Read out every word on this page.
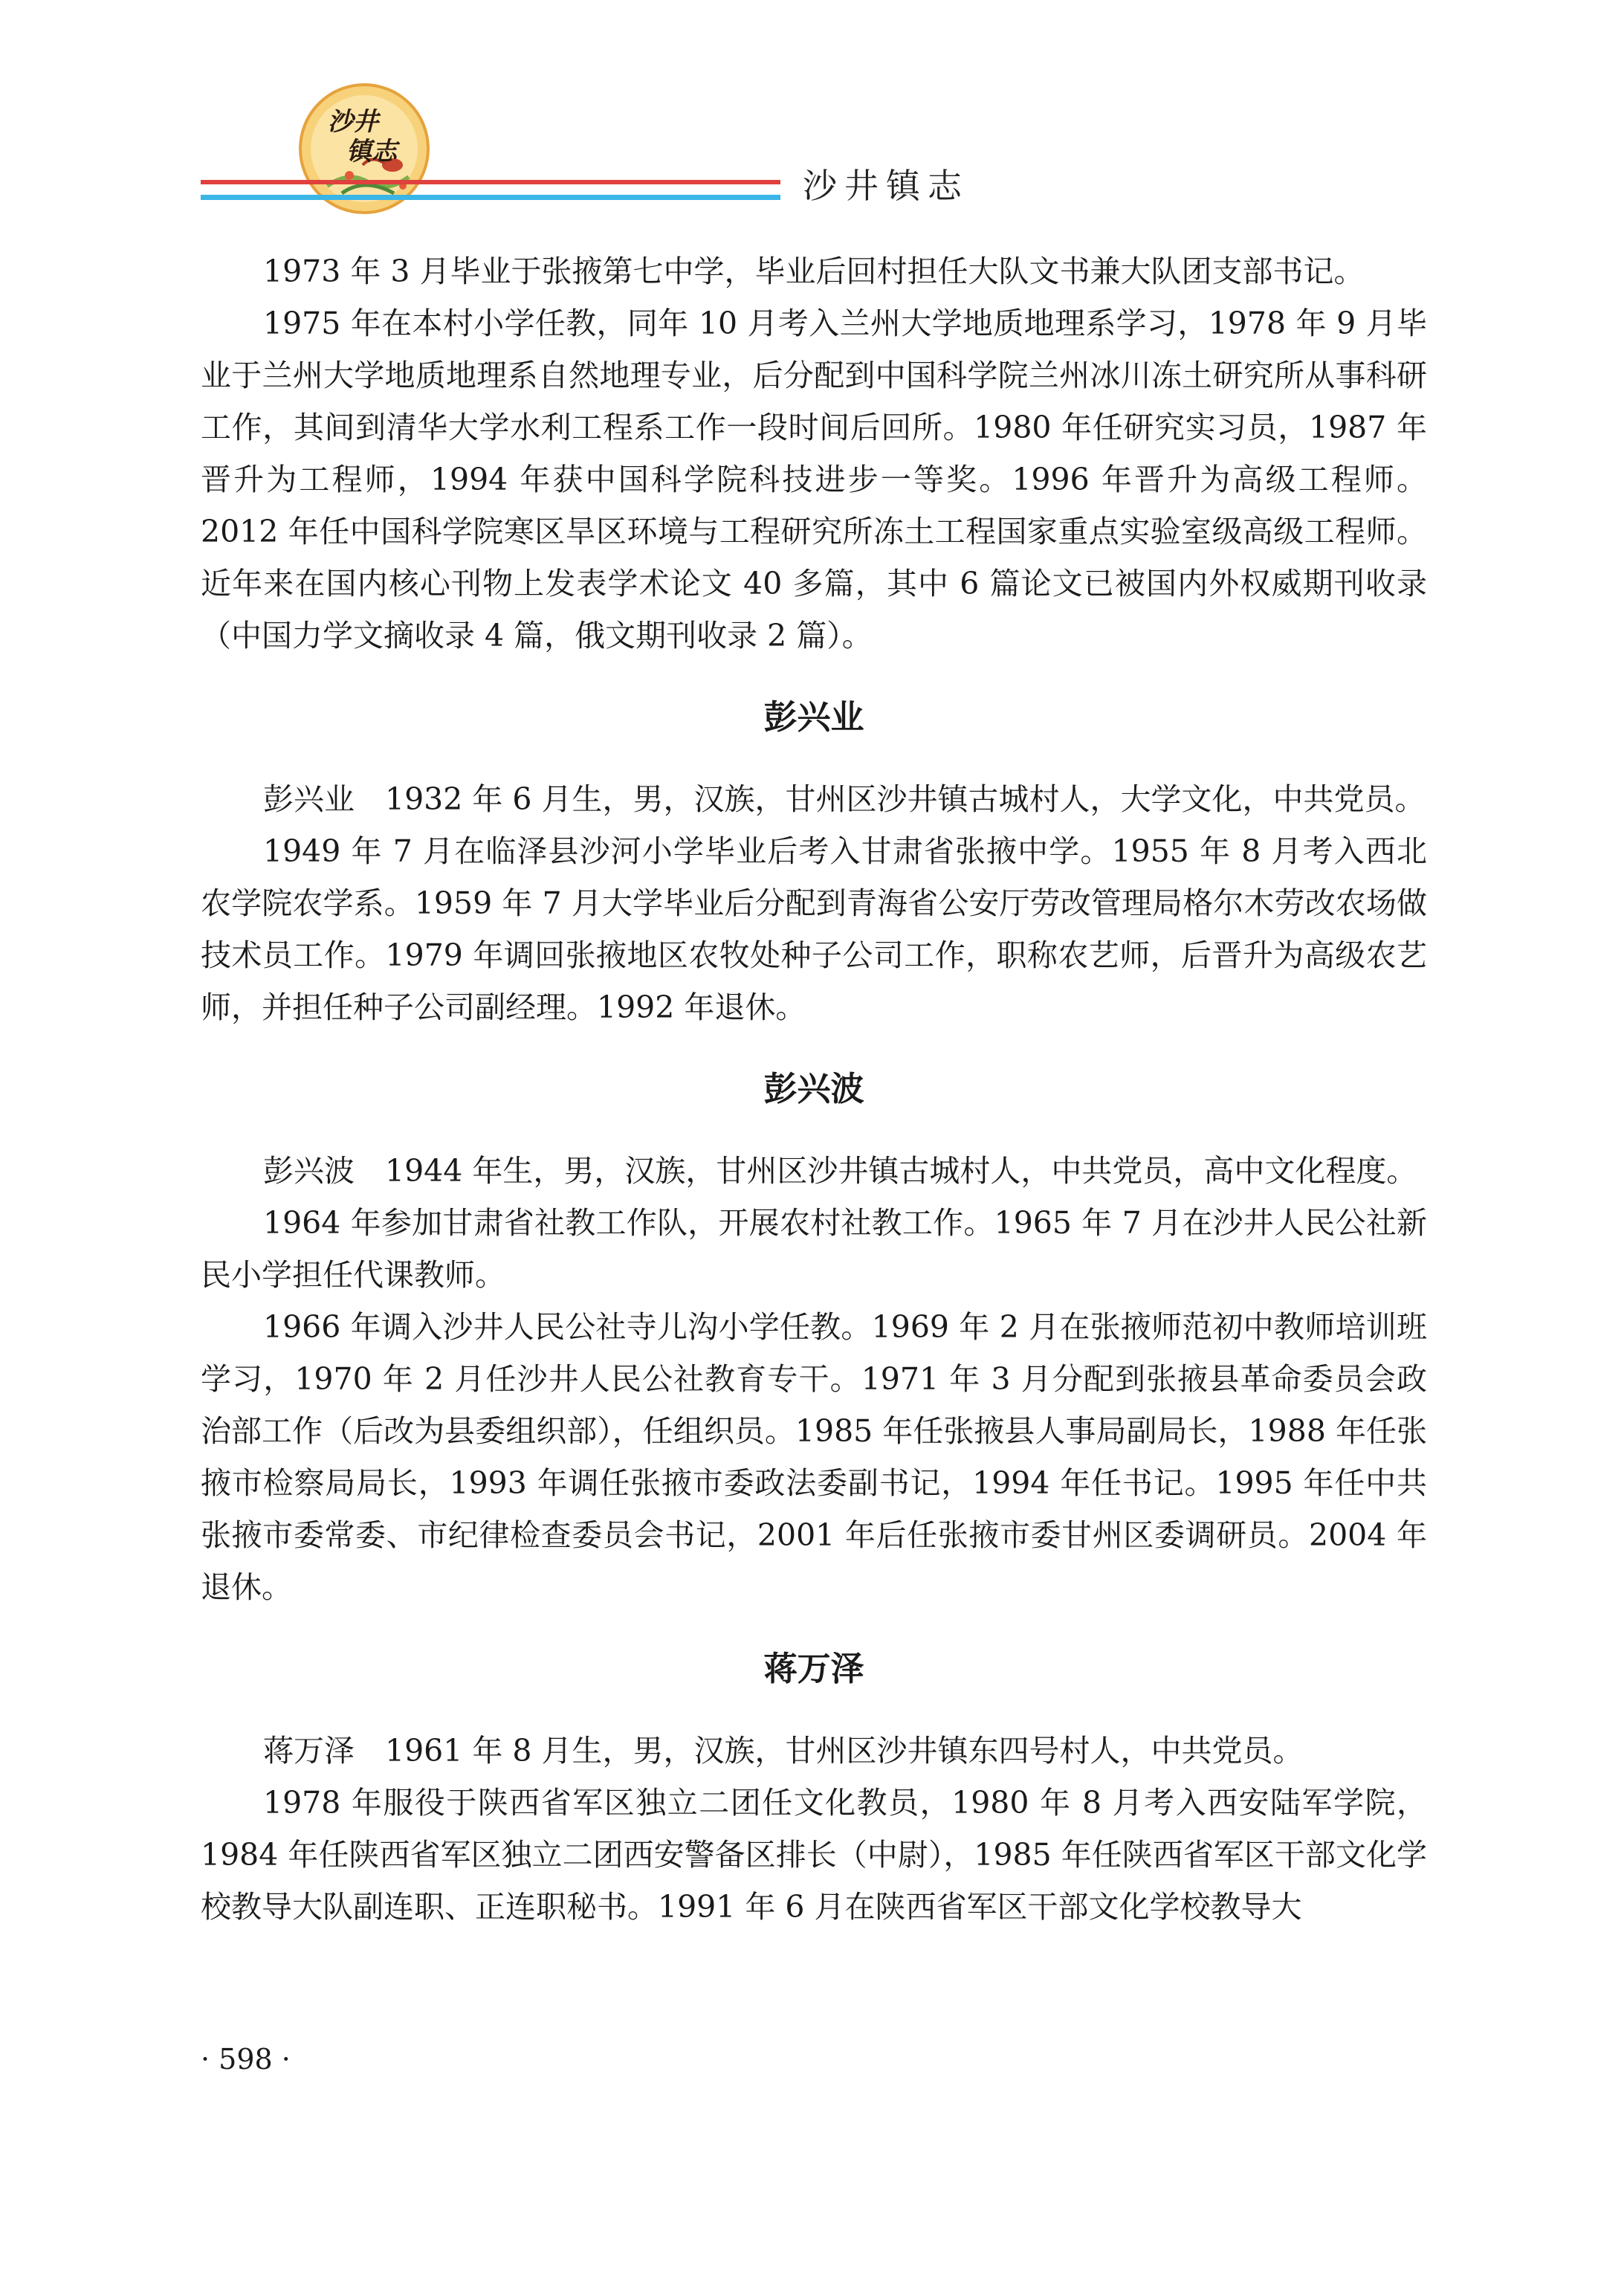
沙井
镇志
沙井镇志

1973 年 3 月毕业于张掖第七中学，毕业后回村担任大队文书兼大队团支部书记。

1975 年在本村小学任教，同年 10 月考入兰州大学地质地理系学习，1978 年 9 月毕业于兰州大学地质地理系自然地理专业，后分配到中国科学院兰州冰川冻土研究所从事科研工作，其间到清华大学水利工程系工作一段时间后回所。1980 年任研究实习员，1987 年晋升为工程师，1994 年获中国科学院科技进步一等奖。1996 年晋升为高级工程师。2012 年任中国科学院寒区旱区环境与工程研究所冻土工程国家重点实验室级高级工程师。近年来在国内核心刊物上发表学术论文 40 多篇，其中 6 篇论文已被国内外权威期刊收录（中国力学文摘收录 4 篇，俄文期刊收录 2 篇）。

彭兴业

彭兴业　1932 年 6 月生，男，汉族，甘州区沙井镇古城村人，大学文化，中共党员。

1949 年 7 月在临泽县沙河小学毕业后考入甘肃省张掖中学。1955 年 8 月考入西北农学院农学系。1959 年 7 月大学毕业后分配到青海省公安厅劳改管理局格尔木劳改农场做技术员工作。1979 年调回张掖地区农牧处种子公司工作，职称农艺师，后晋升为高级农艺师，并担任种子公司副经理。1992 年退休。

彭兴波

彭兴波　1944 年生，男，汉族，甘州区沙井镇古城村人，中共党员，高中文化程度。

1964 年参加甘肃省社教工作队，开展农村社教工作。1965 年 7 月在沙井人民公社新民小学担任代课教师。

1966 年调入沙井人民公社寺儿沟小学任教。1969 年 2 月在张掖师范初中教师培训班学习，1970 年 2 月任沙井人民公社教育专干。1971 年 3 月分配到张掖县革命委员会政治部工作（后改为县委组织部），任组织员。1985 年任张掖县人事局副局长，1988 年任张掖市检察局局长，1993 年调任张掖市委政法委副书记，1994 年任书记。1995 年任中共张掖市委常委、市纪律检查委员会书记，2001 年后任张掖市委甘州区委调研员。2004 年退休。

蒋万泽

蒋万泽　1961 年 8 月生，男，汉族，甘州区沙井镇东四号村人，中共党员。

1978 年服役于陕西省军区独立二团任文化教员，1980 年 8 月考入西安陆军学院，1984 年任陕西省军区独立二团西安警备区排长（中尉），1985 年任陕西省军区干部文化学校教导大队副连职、正连职秘书。1991 年 6 月在陕西省军区干部文化学校教导大

· 598 ·
